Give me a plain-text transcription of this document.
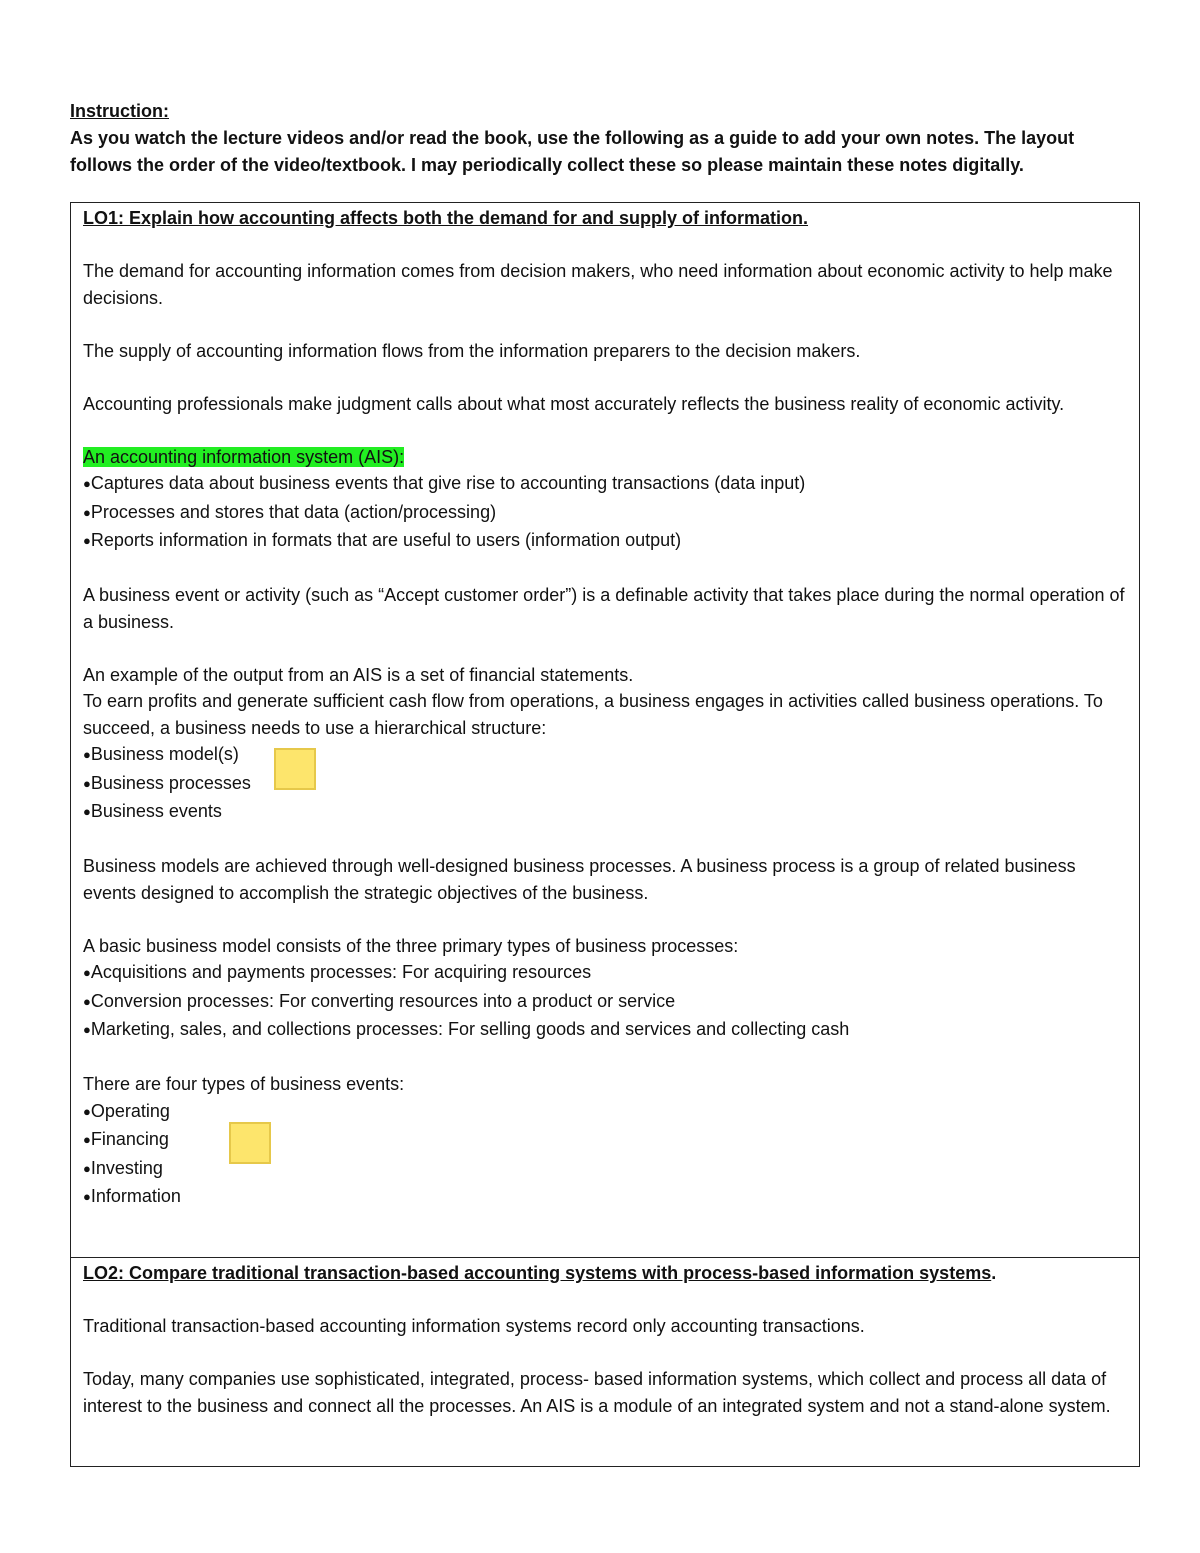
Instruction:
As you watch the lecture videos and/or read the book, use the following as a guide to add your own notes. The layout follows the order of the video/textbook. I may periodically collect these so please maintain these notes digitally.

LO1: Explain how accounting affects both the demand for and supply of information.

The demand for accounting information comes from decision makers, who need information about economic activity to help make decisions.

The supply of accounting information flows from the information preparers to the decision makers.

Accounting professionals make judgment calls about what most accurately reflects the business reality of economic activity.

An accounting information system (AIS):

● Captures data about business events that give rise to accounting transactions (data input)
● Processes and stores that data (action/processing)
● Reports information in formats that are useful to users (information output)

A business event or activity (such as “Accept customer order”) is a definable activity that takes place during the normal operation of a business.

An example of the output from an AIS is a set of financial statements.

To earn profits and generate sufficient cash flow from operations, a business engages in activities called business operations. To succeed, a business needs to use a hierarchical structure:

● Business model(s)
● Business processes
● Business events

Business models are achieved through well-designed business processes. A business process is a group of related business events designed to accomplish the strategic objectives of the business.

A basic business model consists of the three primary types of business processes:

● Acquisitions and payments processes: For acquiring resources
● Conversion processes: For converting resources into a product or service
● Marketing, sales, and collections processes: For selling goods and services and collecting cash

There are four types of business events:

● Operating
● Financing
● Investing
● Information

LO2: Compare traditional transaction-based accounting systems with process-based information systems.

Traditional transaction-based accounting information systems record only accounting transactions.

Today, many companies use sophisticated, integrated, process- based information systems, which collect and process all data of interest to the business and connect all the processes. An AIS is a module of an integrated system and not a stand-alone system.
